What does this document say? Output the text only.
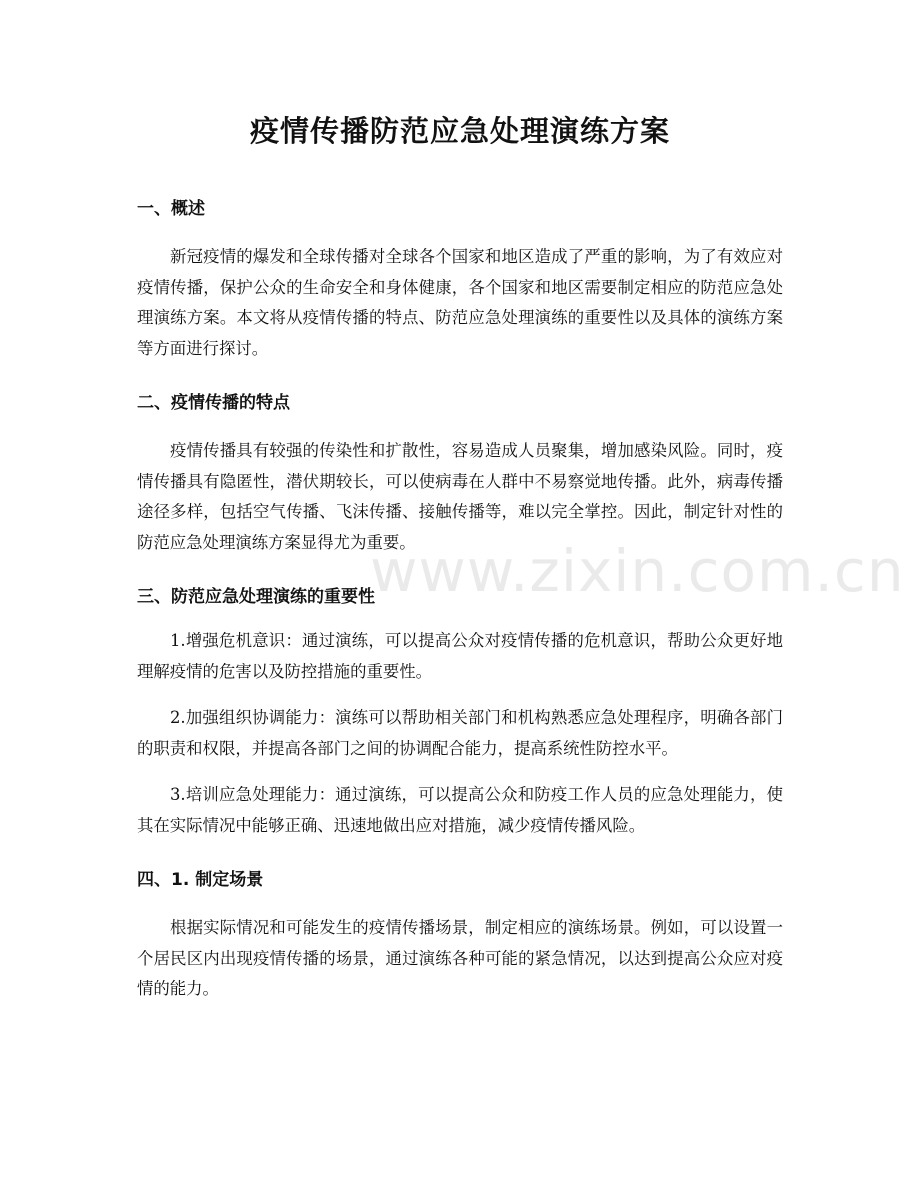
疫情传播防范应急处理演练方案
一、概述

新冠疫情的爆发和全球传播对全球各个国家和地区造成了严重的影响，为了有效应对疫情传播，保护公众的生命安全和身体健康，各个国家和地区需要制定相应的防范应急处理演练方案。本文将从疫情传播的特点、防范应急处理演练的重要性以及具体的演练方案等方面进行探讨。

二、疫情传播的特点

疫情传播具有较强的传染性和扩散性，容易造成人员聚集，增加感染风险。同时，疫情传播具有隐匿性，潜伏期较长，可以使病毒在人群中不易察觉地传播。此外，病毒传播途径多样，包括空气传播、飞沫传播、接触传播等，难以完全掌控。因此，制定针对性的防范应急处理演练方案显得尤为重要。

三、防范应急处理演练的重要性

1.增强危机意识：通过演练，可以提高公众对疫情传播的危机意识，帮助公众更好地理解疫情的危害以及防控措施的重要性。

2.加强组织协调能力：演练可以帮助相关部门和机构熟悉应急处理程序，明确各部门的职责和权限，并提高各部门之间的协调配合能力，提高系统性防控水平。

3.培训应急处理能力：通过演练，可以提高公众和防疫工作人员的应急处理能力，使其在实际情况中能够正确、迅速地做出应对措施，减少疫情传播风险。

四、1. 制定场景

根据实际情况和可能发生的疫情传播场景，制定相应的演练场景。例如，可以设置一个居民区内出现疫情传播的场景，通过演练各种可能的紧急情况，以达到提高公众应对疫情的能力。

www.zixin.com.cn
